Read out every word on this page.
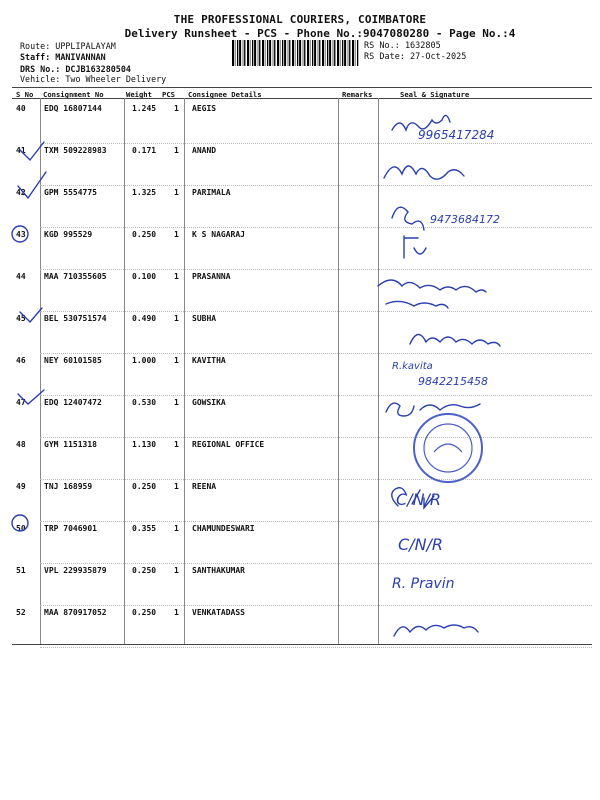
THE PROFESSIONAL COURIERS, COIMBATORE
Delivery Runsheet - PCS - Phone No.:9047080280 - Page No.:4
Route: UPPLIPALAYAM
Staff: MANIVANNAN
DRS No.: DCJB163280504
Vehicle: Two Wheeler Delivery
RS No.: 1632805
RS Date: 27-Oct-2025
S No Consignment No	Weight PCS Consignee Details	Remarks	Seal & Signature
40 EDQ 16807144	1.245 1 AEGIS
41 TXM 509228983	0.171 1 ANAND
42 GPM 5554775	1.325 1 PARIMALA
43 KGD 995529	0.250 1 K S NAGARAJ
44 MAA 710355605	0.100 1 PRASANNA
45 BEL 530751574	0.490 1 SUBHA
46 NEY 60101585	1.000 1 KAVITHA
47 EDQ 12407472	0.530 1 GOWSIKA
48 GYM 1151318	1.130 1 REGIONAL OFFICE
49 TNJ 168959	0.250 1 REENA
50 TRP 7046901	0.355 1 CHAMUNDESWARI
51 VPL 229935879	0.250 1 SANTHAKUMAR
52 MAA 870917052	0.250 1 VENKATADASS
9965417284
9473684172
R.kavita
9842215458
C/N/R
C/N/R
R. Pravin
